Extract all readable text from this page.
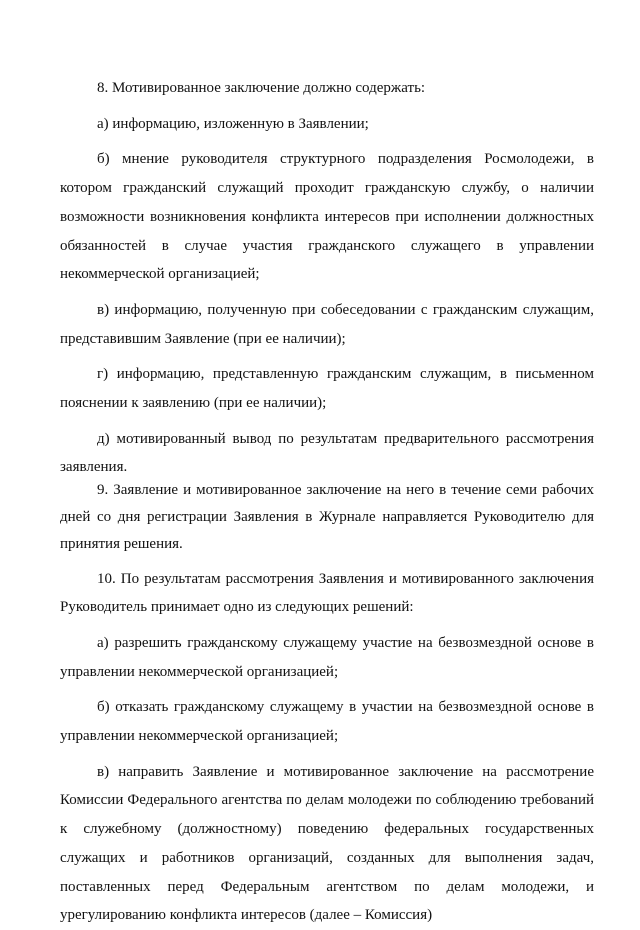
8. Мотивированное заключение должно содержать:

а) информацию, изложенную в Заявлении;

б) мнение руководителя структурного подразделения Росмолодежи, в котором гражданский служащий проходит гражданскую службу, о наличии возможности возникновения конфликта интересов при исполнении должностных обязанностей в случае участия гражданского служащего в управлении некоммерческой организацией;

в) информацию, полученную при собеседовании с гражданским служащим, представившим Заявление (при ее наличии);

г) информацию, представленную гражданским служащим, в письменном пояснении к заявлению (при ее наличии);

д) мотивированный вывод по результатам предварительного рассмотрения заявления.

9. Заявление и мотивированное заключение на него в течение семи рабочих дней со дня регистрации Заявления в Журнале направляется Руководителю для принятия решения.

10. По результатам рассмотрения Заявления и мотивированного заключения Руководитель принимает одно из следующих решений:

а) разрешить гражданскому служащему участие на безвозмездной основе в управлении некоммерческой организацией;

б) отказать гражданскому служащему в участии на безвозмездной основе в управлении некоммерческой организацией;

в) направить Заявление и мотивированное заключение на рассмотрение Комиссии Федерального агентства по делам молодежи по соблюдению требований к служебному (должностному) поведению федеральных государственных служащих и работников организаций, созданных для выполнения задач, поставленных перед Федеральным агентством по делам молодежи, и урегулированию конфликта интересов (далее – Комиссия)
